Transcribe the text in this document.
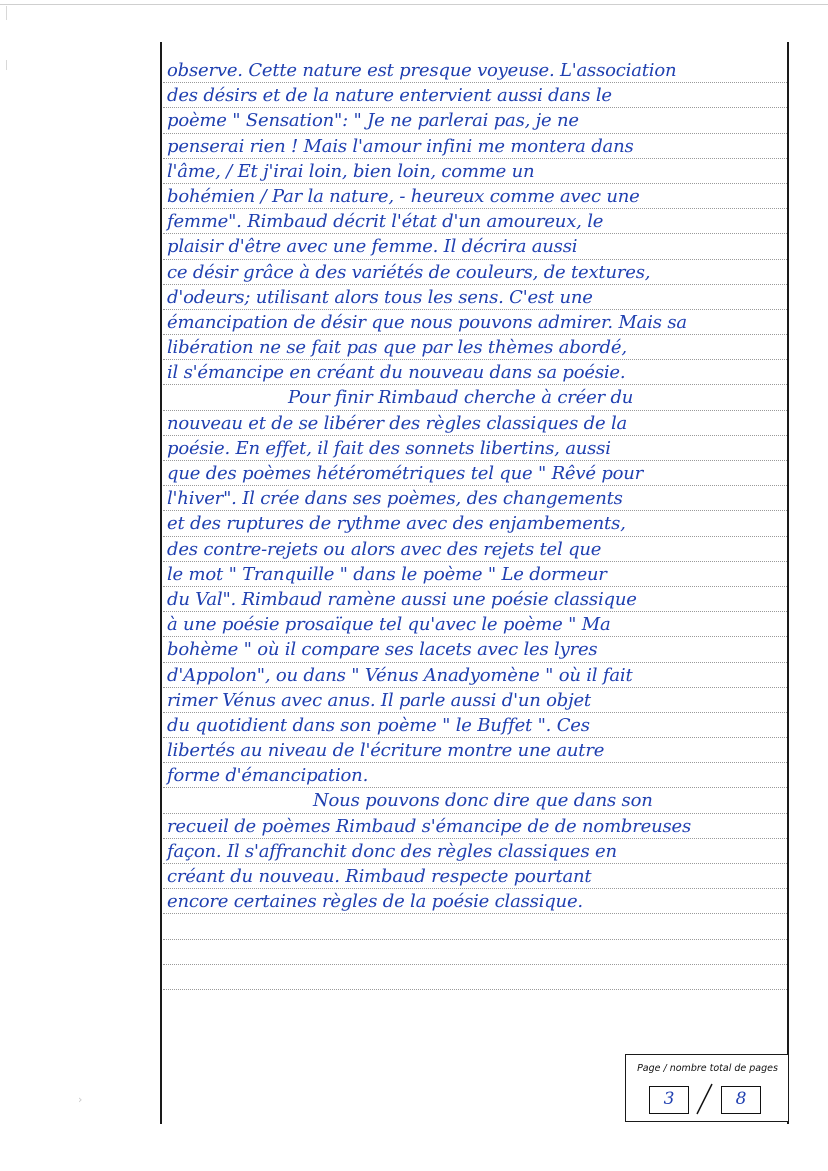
›
observe. Cette nature est presque voyeuse. L'association
des désirs et de la nature entervient aussi dans le
poème " Sensation": " Je ne parlerai pas, je ne
penserai rien ! Mais l'amour infini me montera dans
l'âme, / Et j'irai loin, bien loin, comme un
bohémien / Par la nature, - heureux comme avec une
femme". Rimbaud décrit l'état d'un amoureux, le
plaisir d'être avec une femme. Il décrira aussi
ce désir grâce à des variétés de couleurs, de textures,
d'odeurs; utilisant alors tous les sens. C'est une
émancipation de désir que nous pouvons admirer. Mais sa
libération ne se fait pas que par les thèmes abordé,
il s'émancipe en créant du nouveau dans sa poésie.
Pour finir Rimbaud cherche à créer du
nouveau et de se libérer des règles classiques de la
poésie. En effet, il fait des sonnets libertins, aussi
que des poèmes hétérométriques tel que " Rêvé pour
l'hiver". Il crée dans ses poèmes, des changements
et des ruptures de rythme avec des enjambements,
des contre-rejets ou alors avec des rejets tel que
le mot " Tranquille " dans le poème " Le dormeur
du Val". Rimbaud ramène aussi une poésie classique
à une poésie prosaïque tel qu'avec le poème " Ma
bohème " où il compare ses lacets avec les lyres
d'Appolon", ou dans " Vénus Anadyomène " où il fait
rimer Vénus avec anus. Il parle aussi d'un objet
du quotidient dans son poème " le Buffet ". Ces
libertés au niveau de l'écriture montre une autre
forme d'émancipation.
Nous pouvons donc dire que dans son
recueil de poèmes Rimbaud s'émancipe de de nombreuses
façon. Il s'affranchit donc des règles classiques en
créant du nouveau. Rimbaud respecte pourtant
encore certaines règles de la poésie classique.
Page / nombre total de pages
3	8
